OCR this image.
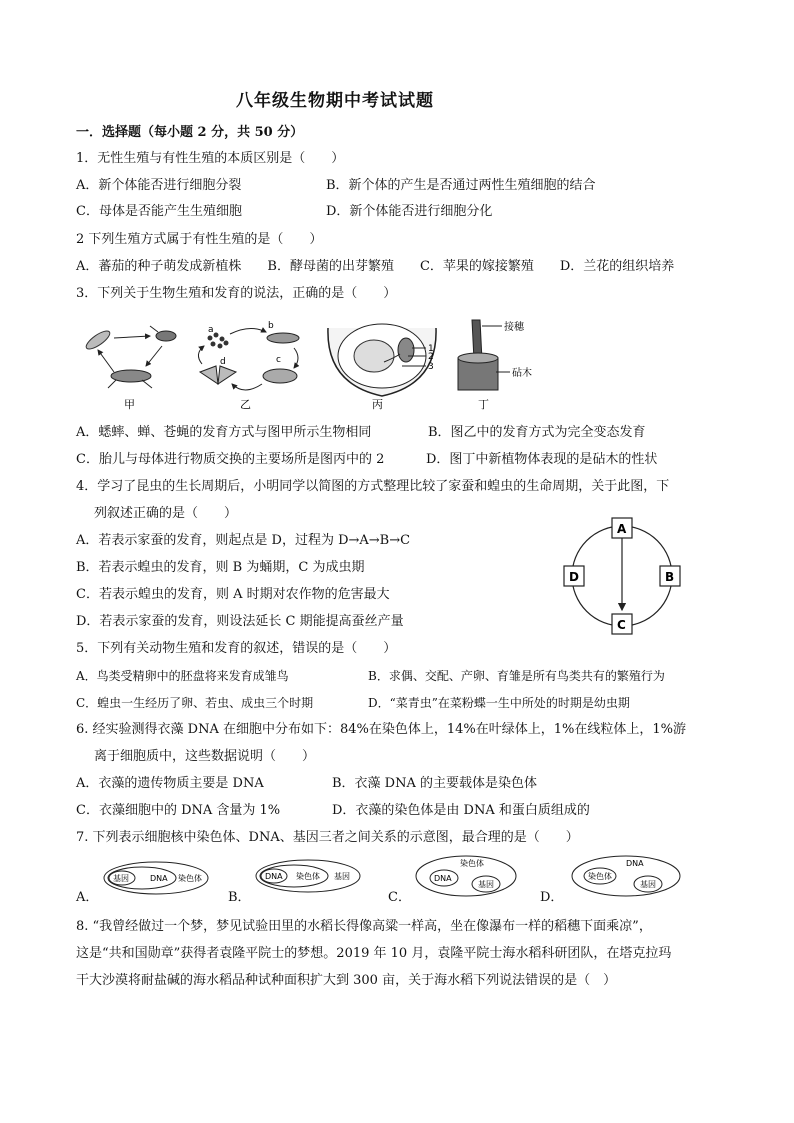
八年级生物期中考试试题
一．选择题（每小题 2 分，共 50 分）
1．无性生殖与有性生殖的本质区别是（　　）
A．新个体能否进行细胞分裂	B．新个体的产生是否通过两性生殖细胞的结合
C．母体是否能产生生殖细胞	D．新个体能否进行细胞分化
2 下列生殖方式属于有性生殖的是（　　）
A．蕃茄的种子萌发成新植株　　B．酵母菌的出芽繁殖　　C．苹果的嫁接繁殖　　D．兰花的组织培养
3．下列关于生物生殖和发育的说法，正确的是（　　）
甲
a	b
c
d
乙
1
2
3
丙
接穗
砧木
丁
A．蟋蟀、蝉、苍蝇的发育方式与图甲所示生物相同	B．图乙中的发育方式为完全变态发育
C．胎儿与母体进行物质交换的主要场所是图丙中的 2	D．图丁中新植物体表现的是砧木的性状
4．学习了昆虫的生长周期后，小明同学以简图的方式整理比较了家蚕和蝗虫的生命周期，关于此图，下
列叙述正确的是（　　）
A．若表示家蚕的发育，则起点是 D，过程为 D→A→B→C
B．若表示蝗虫的发育，则 B 为蛹期，C 为成虫期
C．若表示蝗虫的发育，则 A 时期对农作物的危害最大
D．若表示家蚕的发育，则设法延长 C 期能提高蚕丝产量
A
B
C
D
5．下列有关动物生殖和发育的叙述，错误的是（　　）
A．鸟类受精卵中的胚盘将来发育成雏鸟	B．求偶、交配、产卵、育雏是所有鸟类共有的繁殖行为
C．蝗虫一生经历了卵、若虫、成虫三个时期	D．“菜青虫”在菜粉蝶一生中所处的时期是幼虫期
6. 经实验测得衣藻 DNA 在细胞中分布如下：84%在染色体上，14%在叶绿体上，1%在线粒体上，1%游
离于细胞质中，这些数据说明（　　）
A．衣藻的遗传物质主要是 DNA	B．衣藻 DNA 的主要载体是染色体
C．衣藻细胞中的 DNA 含量为 1%	D．衣藻的染色体是由 DNA 和蛋白质组成的
7. 下列表示细胞核中染色体、DNA、基因三者之间关系的示意图，最合理的是（　　）
A．
基因	DNA 染色体
B．
DNA 染色体 基因
C．
染色体
DNA
基因
D．
DNA
染色体
基因
8. “我曾经做过一个梦，梦见试验田里的水稻长得像高粱一样高，坐在像瀑布一样的稻穗下面乘凉”，
这是“共和国勋章”获得者袁隆平院士的梦想。2019 年 10 月，袁隆平院士海水稻科研团队，在塔克拉玛
干大沙漠将耐盐碱的海水稻品种试种面积扩大到 300 亩，关于海水稻下列说法错误的是（　）
